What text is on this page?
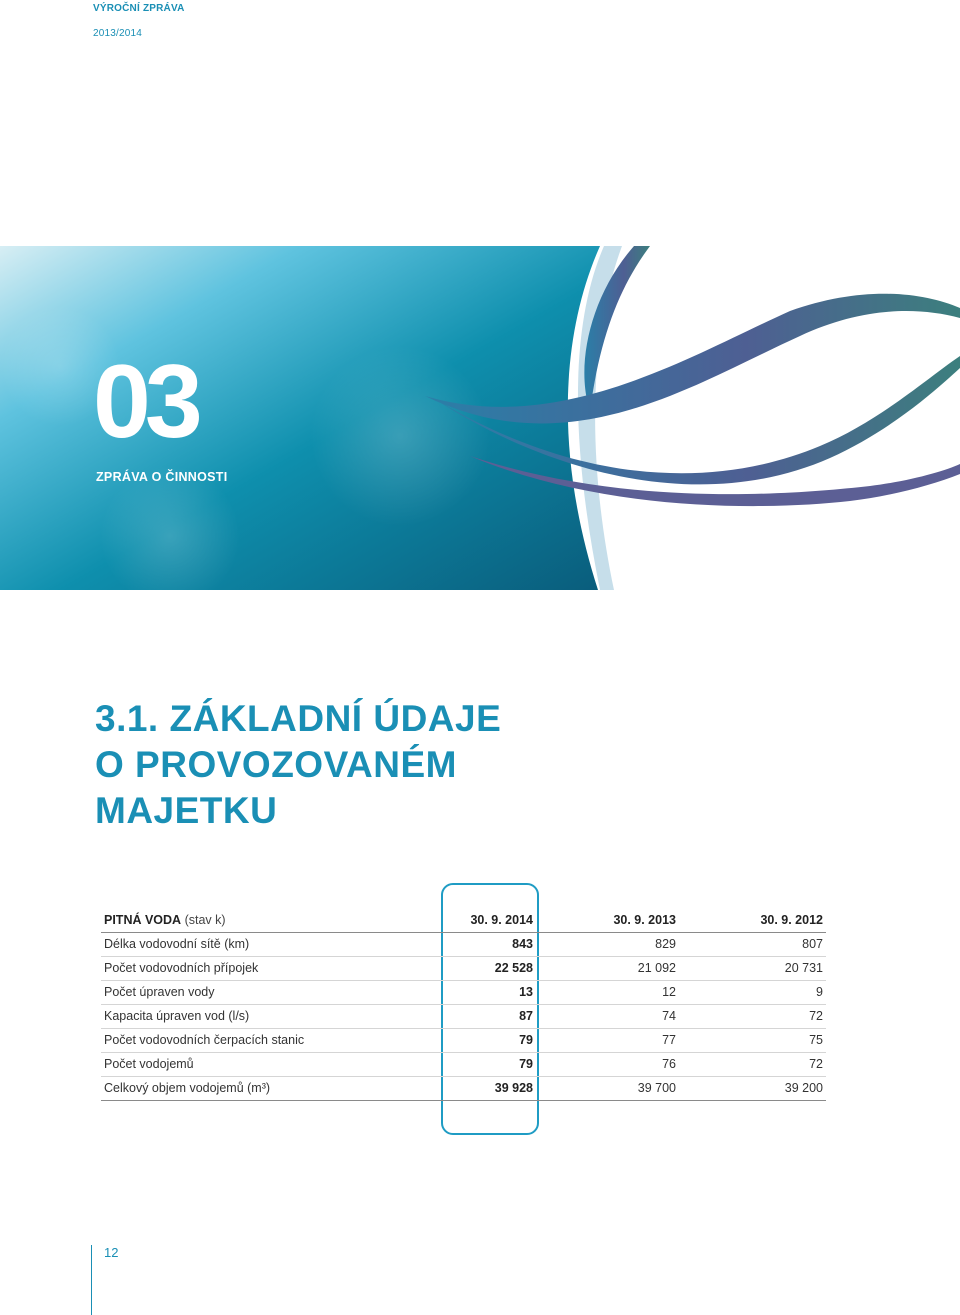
VÝROČNÍ ZPRÁVA
2013/2014
03
ZPRÁVA O ČINNOSTI
3.1. ZÁKLADNÍ ÚDAJE
O PROVOZOVANÉM
MAJETKU
PITNÁ VODA (stav k)	30. 9. 2014	30. 9. 2013	30. 9. 2012
Délka vodovodní sítě (km)	843	829	807
Počet vodovodních přípojek	22 528	21 092	20 731
Počet úpraven vody	13	12	9
Kapacita úpraven vod (l/s)	87	74	72
Počet vodovodních čerpacích stanic	79	77	75
Počet vodojemů	79	76	72
Celkový objem vodojemů (m³)	39 928	39 700	39 200
12
